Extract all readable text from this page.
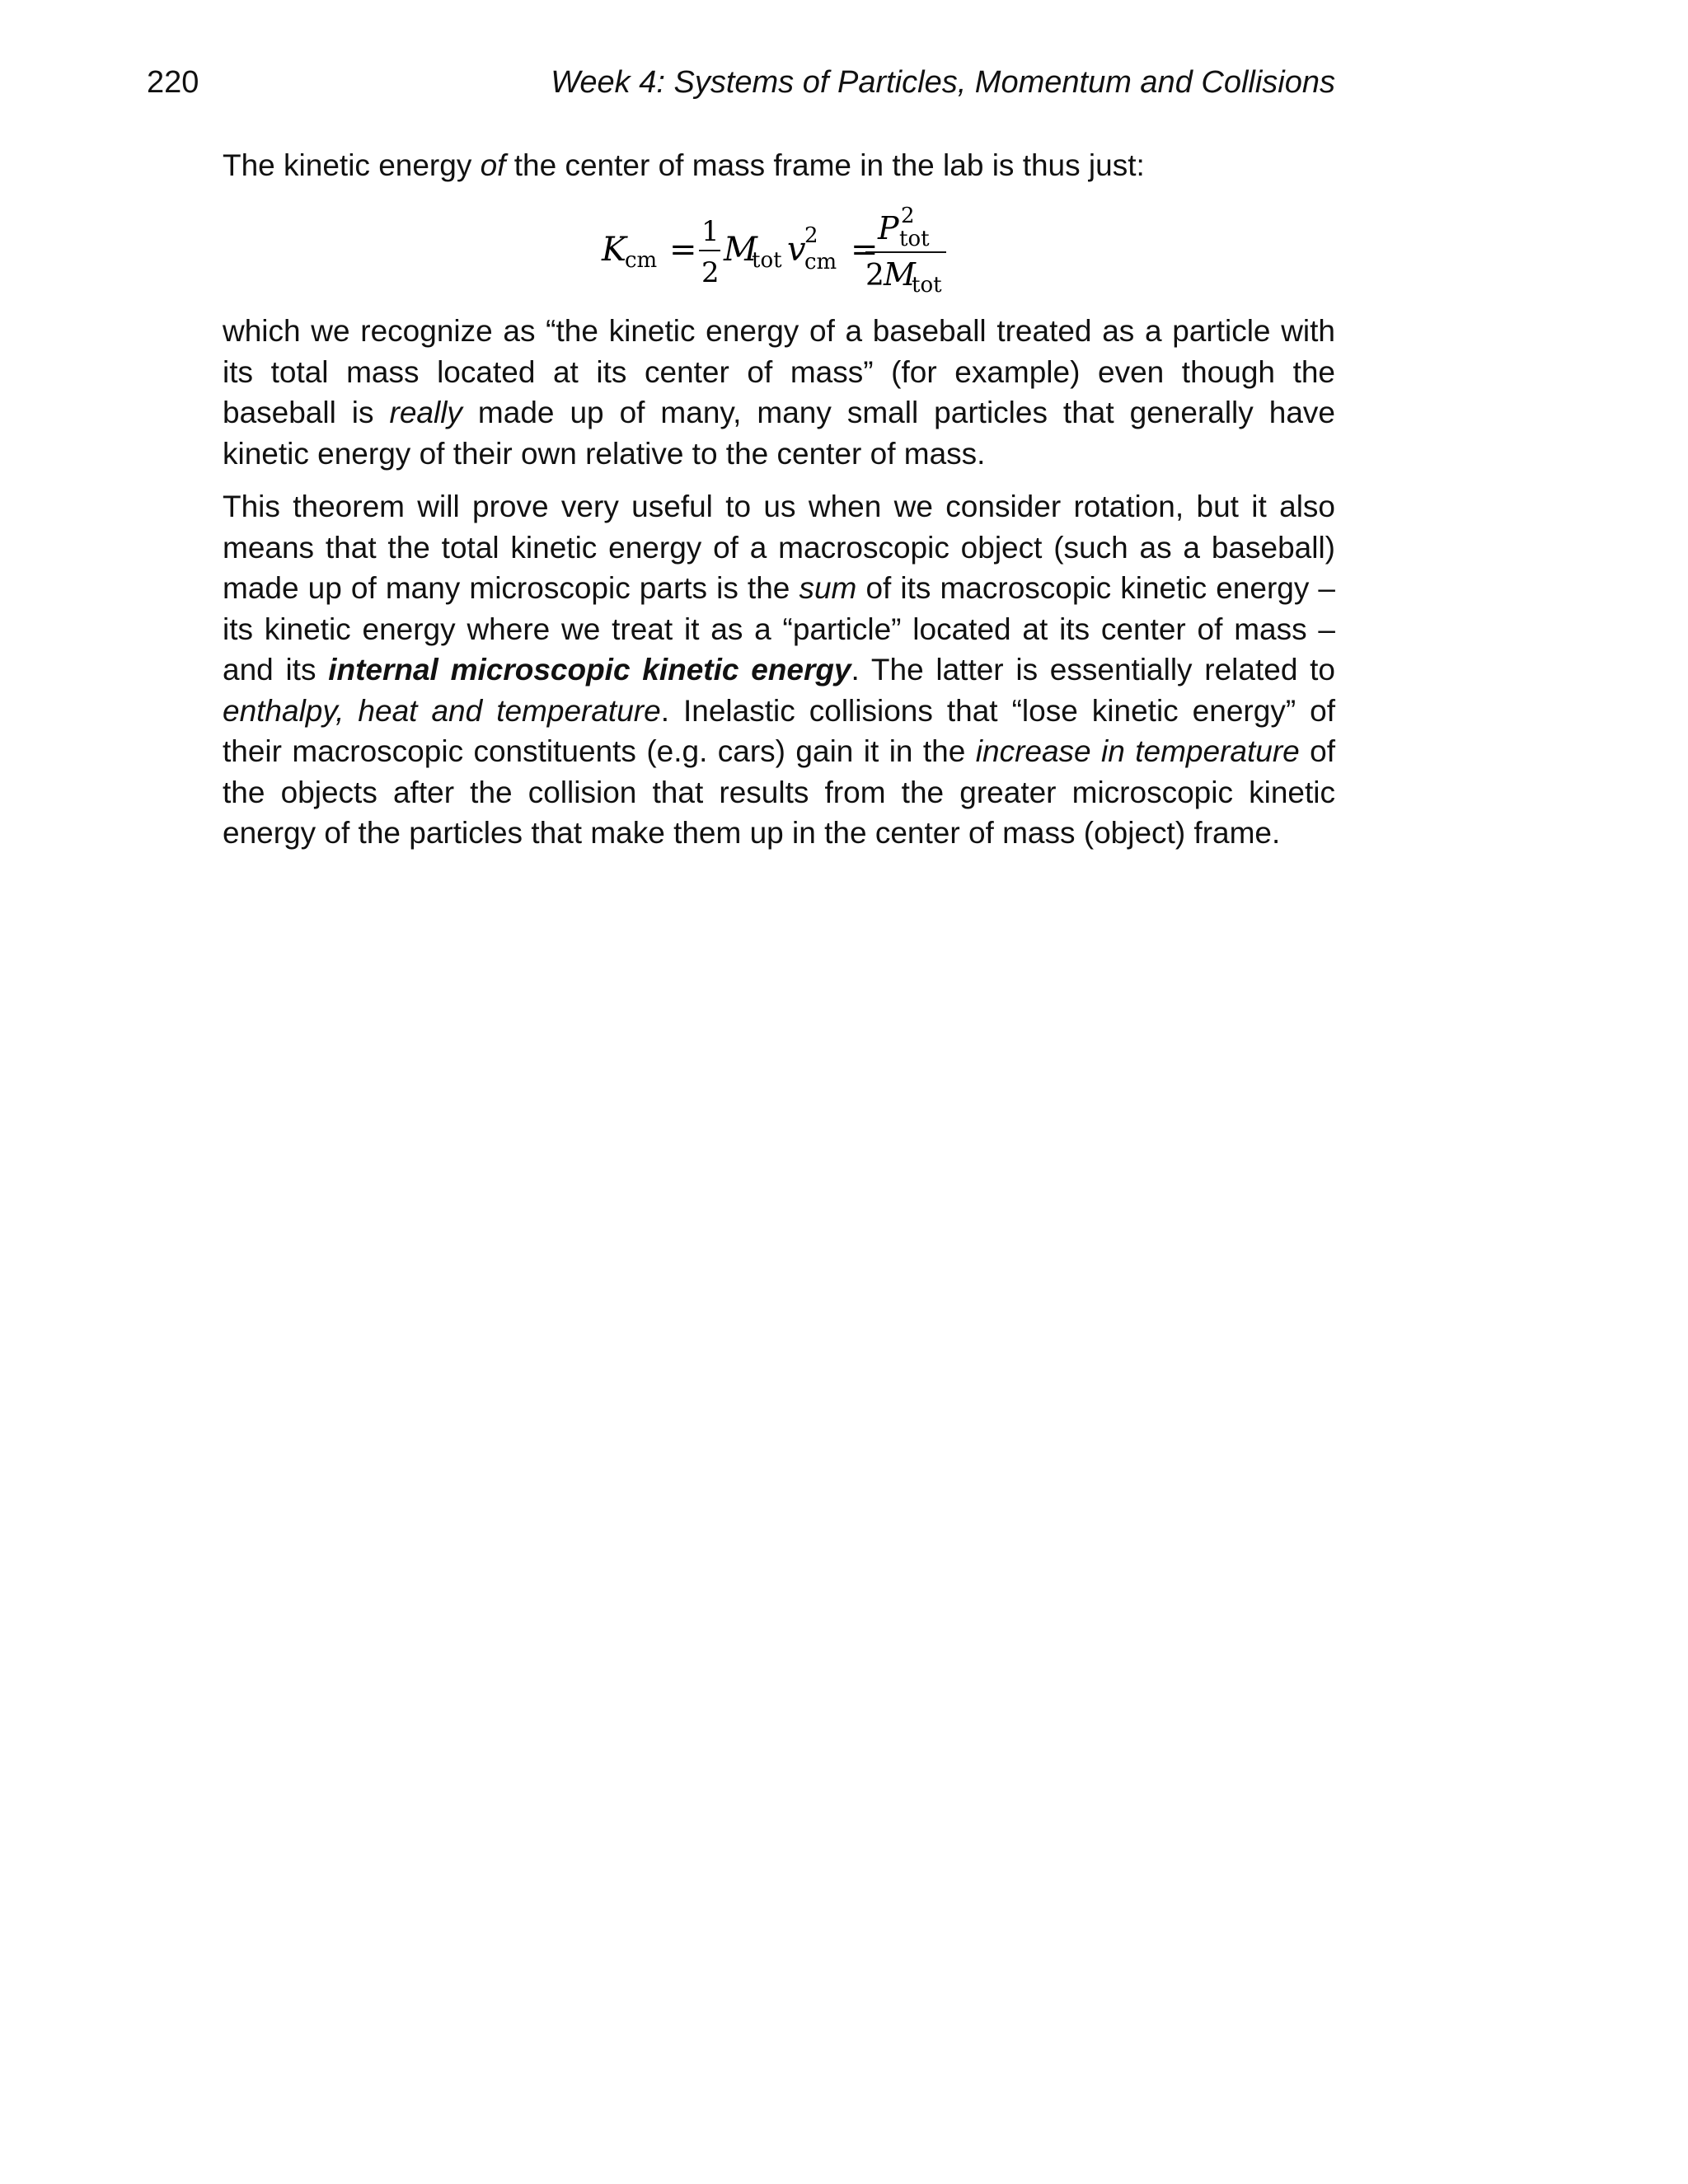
220	Week 4: Systems of Particles, Momentum and Collisions

The kinetic energy of the center of mass frame in the lab is thus just:

K
cm = 1
2
M
tot v
2
cm =
P 2
tot
2 M
tot

which we recognize as “the kinetic energy of a baseball treated as a particle with its total mass located at its center of mass” (for example) even though the baseball is really made up of many, many small particles that generally have kinetic energy of their own relative to the center of mass.

This theorem will prove very useful to us when we consider rotation, but it also means that the total kinetic energy of a macroscopic object (such as a baseball) made up of many microscopic parts is the sum of its macroscopic kinetic energy – its kinetic energy where we treat it as a “particle” located at its center of mass – and its internal microscopic kinetic energy. The latter is essentially related to enthalpy, heat and temperature. Inelastic collisions that “lose kinetic energy” of their macroscopic constituents (e.g. cars) gain it in the increase in temperature of the objects after the collision that results from the greater microscopic kinetic energy of the particles that make them up in the center of mass (object) frame.
